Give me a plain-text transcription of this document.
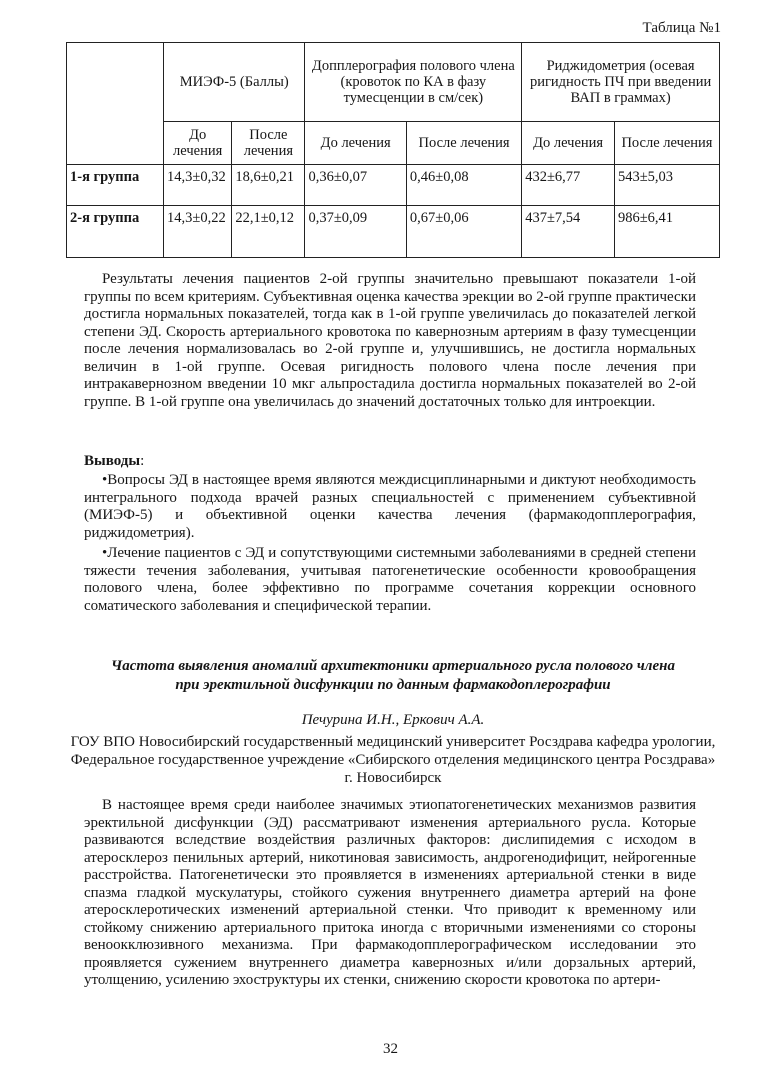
Таблица №1
	МИЭФ-5 (Баллы)		Допплерография полового члена (кровоток по КА в фазу тумесценции в см/сек)		Риджидометрия (осевая ригидность ПЧ при введении ВАП в граммах)	
	До лечения	После лечения	До лечения	После лечения	До лечения	После лечения
1-я группа	14,3±0,32	18,6±0,21	0,36±0,07	0,46±0,08	432±6,77	543±5,03
2-я группа	14,3±0,22	22,1±0,12	0,37±0,09	0,67±0,06	437±7,54	986±6,41

Результаты лечения пациентов 2-ой группы значительно превышают показатели 1-ой группы по всем критериям. Субъективная оценка качества эрекции во 2-ой группе практически достигла нормальных показателей, тогда как в 1-ой группе увеличилась до показателей легкой степени ЭД. Скорость артериального кровотока по кавернозным артериям в фазу тумесценции после лечения нормализовалась во 2-ой группе и, улучшившись, не достигла нормальных величин в 1-ой группе. Осевая ригидность полового члена после лечения при интракавернозном введении 10 мкг альпростадила достигла нормальных показателей во 2-ой группе. В 1-ой группе она увеличилась до значений достаточных только для интроекции.

Выводы:

•Вопросы ЭД в настоящее время являются междисциплинарными и диктуют необходимость интегрального подхода врачей разных специальностей с применением субъективной (МИЭФ-5) и объективной оценки качества лечения (фармакодопплерография, риджидометрия).

•Лечение пациентов с ЭД и сопутствующими системными заболеваниями в средней степени тяжести течения заболевания, учитывая патогенетические особенности кровообращения полового члена, более эффективно по программе сочетания коррекции основного соматического заболевания и специфической терапии.

Частота выявления аномалий архитектоники артериального русла полового члена
при эректильной дисфункции по данным фармакодоплерографии

Печурина И.Н., Еркович А.А.

ГОУ ВПО Новосибирский государственный медицинский университет Росздрава кафедра урологии, Федеральное государственное учреждение «Сибирского отделения медицинского центра Росздрава» г. Новосибирск

В настоящее время среди наиболее значимых этиопатогенетических механизмов развития эректильной дисфункции (ЭД) рассматривают изменения артериального русла. Которые развиваются вследствие воздействия различных факторов: дислипидемия с исходом в атеросклероз пенильных артерий, никотиновая зависимость, андрогенодифицит, нейрогенные расстройства. Патогенетически это проявляется в изменениях артериальной стенки в виде спазма гладкой мускулатуры, стойкого сужения внутреннего диаметра артерий на фоне атеросклеротических изменений артериальной стенки. Что приводит к временному или стойкому снижению артериального притока иногда с вторичными изменениями со стороны веноокклюзивного механизма. При фармакодопплерографическом исследовании это проявляется сужением внутреннего диаметра кавернозных и/или дорзальных артерий, утолщению, усилению эхоструктуры их стенки, снижению скорости кровотока по артери-

32
